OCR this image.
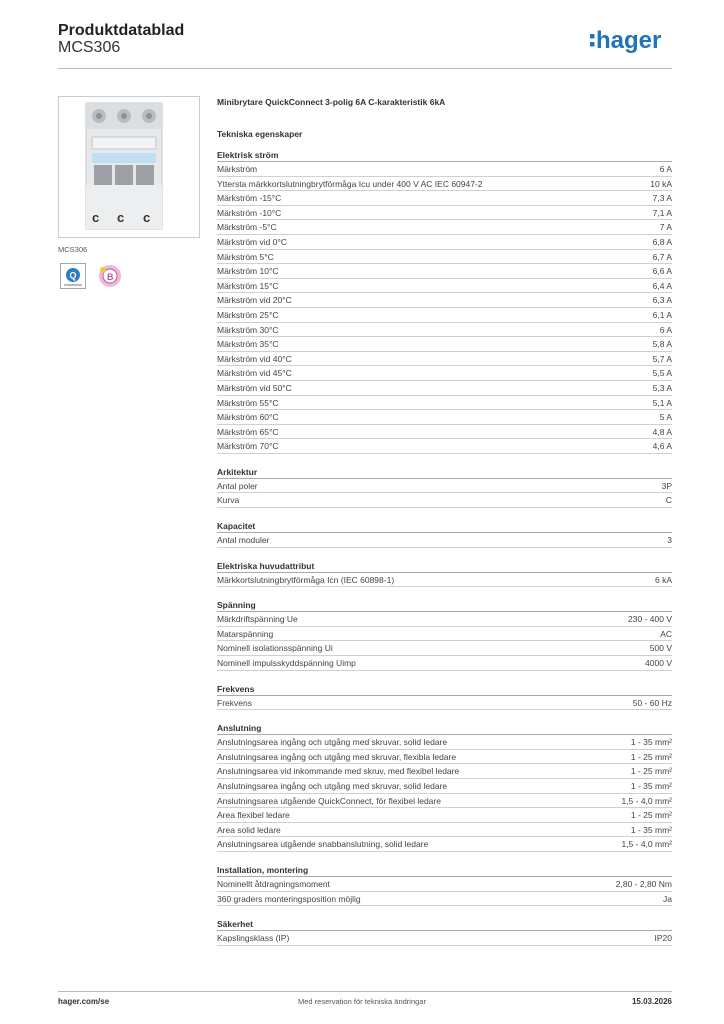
Produktdatablad
MCS306	hager
c c c
MCS306
Q	B
Minibrytare QuickConnect 3-polig 6A C-karakteristik 6kA
Tekniska egenskaper
Elektrisk ström
Märkström	6 A
Yttersta märkkortslutningbrytförmåga Icu under 400 V AC IEC 60947-2	10 kA
Märkström -15°C	7,3 A
Märkström -10°C	7,1 A
Märkström -5°C	7 A
Märkström vid 0°C	6,8 A
Märkström 5°C	6,7 A
Märkström 10°C	6,6 A
Märkström 15°C	6,4 A
Märkström vid 20°C	6,3 A
Märkström 25°C	6,1 A
Märkström 30°C	6 A
Märkström 35°C	5,8 A
Märkström vid 40°C	5,7 A
Märkström vid 45°C	5,5 A
Märkström vid 50°C	5,3 A
Märkström 55°C	5,1 A
Märkström 60°C	5 A
Märkström 65°C	4,8 A
Märkström 70°C	4,6 A
Arkitektur
Antal poler	3P
Kurva	C
Kapacitet
Antal moduler	3
Elektriska huvudattribut
Märkkortslutningbrytförmåga Icn (IEC 60898-1)	6 kA
Spänning
Märkdriftspänning Ue	230 - 400 V
Matarspänning	AC
Nominell isolationsspänning Ui	500 V
Nominell impulsskyddspänning Uimp	4000 V
Frekvens
Frekvens	50 - 60 Hz
Anslutning
Anslutningsarea ingång och utgång med skruvar, solid ledare	1 - 35 mm²
Anslutningsarea ingång och utgång med skruvar, flexibla ledare	1 - 25 mm²
Anslutningsarea vid inkommande med skruv, med flexibel ledare	1 - 25 mm²
Anslutningsarea ingång och utgång med skruvar, solid ledare	1 - 35 mm²
Anslutningsarea utgående QuickConnect, för flexibel ledare	1,5 - 4,0 mm²
Area flexibel ledare	1 - 25 mm²
Area solid ledare	1 - 35 mm²
Anslutningsarea utgående snabbanslutning, solid ledare	1,5 - 4,0 mm²
Installation, montering
Nominellt åtdragningsmoment	2,80 - 2,80 Nm
360 graders monteringsposition möjlig	Ja
Säkerhet
Kapslingsklass (IP)	IP20
hager.com/se	Med reservation för tekniska ändringar	15.03.2026
